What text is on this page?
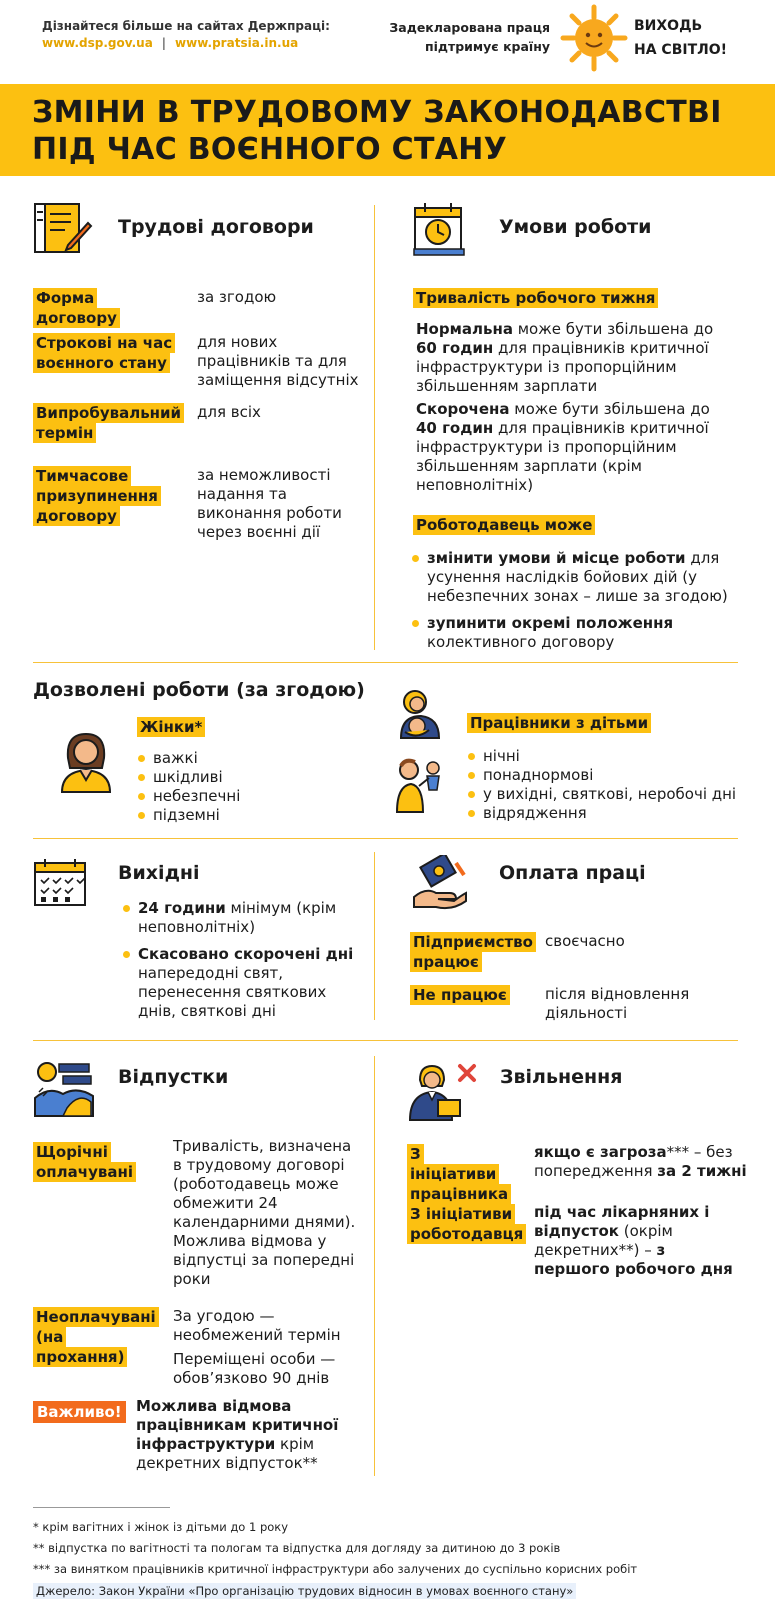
Дізнайтеся більше на сайтах Держпраці:
www.dsp.gov.ua | www.pratsia.in.ua
Задекларована праця
підтримує країну
ВИХОДЬ
НА СВІТЛО!
ЗМІНИ В ТРУДОВОМУ ЗАКОНОДАВСТВІ
ПІД ЧАС ВОЄННОГО СТАНУ
Трудові договори
Форма договору
за згодою
Строкові на час воєнного стану
для нових працівників та для заміщення відсутніх
Випробувальний термін
для всіх
Тимчасове призупинення договору
за неможливості надання та виконання роботи через воєнні дії
Умови роботи
Тривалість робочого тижня
Нормальна може бути збільшена до 60 годин для працівників критичної інфраструктури із пропорційним збільшенням зарплати
Скорочена може бути збільшена до 40 годин для працівників критичної інфраструктури із пропорційним збільшенням зарплати (крім неповнолітніх)
Роботодавець може
змінити умови й місце роботи для усунення наслідків бойових дій (у небезпечних зонах – лише за згодою)
зупинити окремі положення колективного договору
Дозволені роботи (за згодою)
Жінки*
важкі
шкідливі
небезпечні
підземні
Працівники з дітьми
нічні
понаднормові
у вихідні, святкові, неробочі дні
відрядження
Вихідні
24 години мінімум (крім неповнолітніх)
Скасовано скорочені дні напередодні свят, перенесення святкових днів, святкові дні
Оплата праці
Підприємство працює
своєчасно
Не працює	після відновлення діяльності
Відпустки
Щорічні оплачувані
Тривалість, визначена в трудовому договорі (роботодавець може обмежити 24 календарними днями). Можлива відмова у відпустці за попередні роки
Неоплачувані (на прохання)
За угодою — необмежений термін
Переміщені особи — обов’язково 90 днів
Важливо! Можлива відмова працівникам критичної інфраструктури крім декретних відпусток**
Звільнення
З ініціативи працівника
якщо є загроза*** – без попередження за 2 тижні
З ініціативи роботодавця
під час лікарняних і відпусток (окрім декретних**) – з першого робочого дня
* крім вагітних і жінок із дітьми до 1 року
** відпустка по вагітності та пологам та відпустка для догляду за дитиною до 3 років
*** за винятком працівників критичної інфраструктури або залучених до суспільно корисних робіт
Джерело: Закон України «Про організацію трудових відносин в умовах воєнного стану»
